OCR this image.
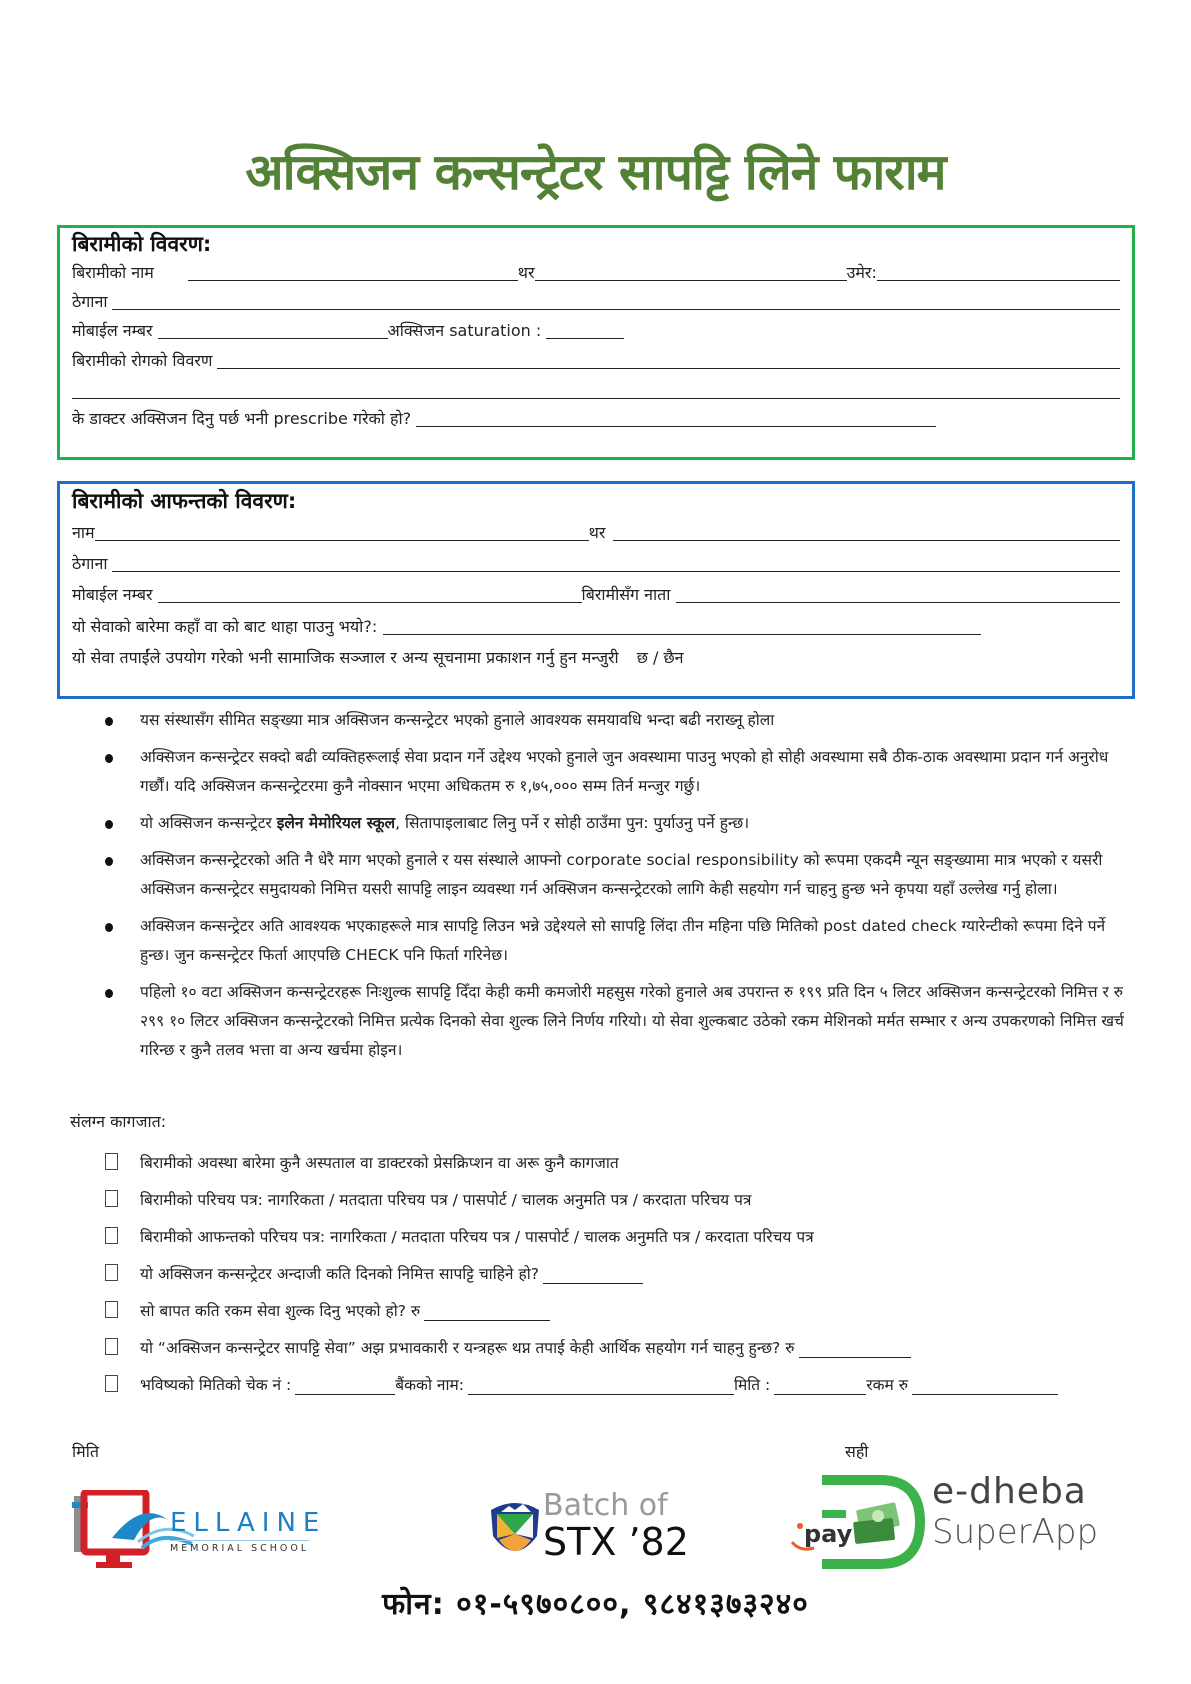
अक्सिजन कन्सन्ट्रेटर सापट्टि लिने फाराम
बिरामीको विवरण:
बिरामीको नाम	थर	उमेर:
ठेगाना
मोबाईल नम्बर	अक्सिजन saturation :
बिरामीको रोगको विवरण
के डाक्टर अक्सिजन दिनु पर्छ भनी prescribe गरेको हो?
बिरामीको आफन्तको विवरण:
नाम	थर
ठेगाना
मोबाईल नम्बर	बिरामीसँग नाता
यो सेवाको बारेमा कहाँ वा को बाट थाहा पाउनु भयो?:
यो सेवा तपाईंले उपयोग गरेको भनी सामाजिक सञ्जाल र अन्य सूचनामा प्रकाशन गर्नु हुन मन्जुरी छ / छैन
यस संस्थासँग सीमित सङ्ख्या मात्र अक्सिजन कन्सन्ट्रेटर भएको हुनाले आवश्यक समयावधि भन्दा बढी नराख्नू होला
अक्सिजन कन्सन्ट्रेटर सक्दो बढी व्यक्तिहरूलाई सेवा प्रदान गर्ने उद्देश्य भएको हुनाले जुन अवस्थामा पाउनु भएको हो सोही अवस्थामा सबै ठीक-ठाक अवस्थामा प्रदान गर्न अनुरोध गर्छौं। यदि अक्सिजन कन्सन्ट्रेटरमा कुनै नोक्सान भएमा अधिकतम रु १,७५,००० सम्म तिर्न मन्जुर गर्छु।
यो अक्सिजन कन्सन्ट्रेटर इलेन मेमोरियल स्कूल, सितापाइलाबाट लिनु पर्ने र सोही ठाउँमा पुन: पुर्याउनु पर्ने हुन्छ।
अक्सिजन कन्सन्ट्रेटरको अति नै धेरै माग भएको हुनाले र यस संस्थाले आफ्नो corporate social responsibility को रूपमा एकदमै न्यून सङ्ख्यामा मात्र भएको र यसरी अक्सिजन कन्सन्ट्रेटर समुदायको निमित्त यसरी सापट्टि लाइन व्यवस्था गर्न अक्सिजन कन्सन्ट्रेटरको लागि केही सहयोग गर्न चाहनु हुन्छ भने कृपया यहाँ उल्लेख गर्नु होला।
अक्सिजन कन्सन्ट्रेटर अति आवश्यक भएकाहरूले मात्र सापट्टि लिउन भन्ने उद्देश्यले सो सापट्टि लिंदा तीन महिना पछि मितिको post dated check ग्यारेन्टीको रूपमा दिने पर्ने हुन्छ। जुन कन्सन्ट्रेटर फिर्ता आएपछि CHECK पनि फिर्ता गरिनेछ।
पहिलो १० वटा अक्सिजन कन्सन्ट्रेटरहरू निःशुल्क सापट्टि दिँदा केही कमी कमजोरी महसुस गरेको हुनाले अब उपरान्त रु १९९ प्रति दिन ५ लिटर अक्सिजन कन्सन्ट्रेटरको निमित्त र रु २९९ १० लिटर अक्सिजन कन्सन्ट्रेटरको निमित्त प्रत्येक दिनको सेवा शुल्क लिने निर्णय गरियो। यो सेवा शुल्कबाट उठेको रकम मेशिनको मर्मत सम्भार र अन्य उपकरणको निमित्त खर्च गरिन्छ र कुनै तलव भत्ता वा अन्य खर्चमा होइन।
संलग्न कागजात:
बिरामीको अवस्था बारेमा कुनै अस्पताल वा डाक्टरको प्रेसक्रिप्शन वा अरू कुनै कागजात
बिरामीको परिचय पत्र: नागरिकता / मतदाता परिचय पत्र / पासपोर्ट / चालक अनुमति पत्र / करदाता परिचय पत्र
बिरामीको आफन्तको परिचय पत्र: नागरिकता / मतदाता परिचय पत्र / पासपोर्ट / चालक अनुमति पत्र / करदाता परिचय पत्र
यो अक्सिजन कन्सन्ट्रेटर अन्दाजी कति दिनको निमित्त सापट्टि चाहिने हो?
सो बापत कति रकम सेवा शुल्क दिनु भएको हो? रु
यो “अक्सिजन कन्सन्ट्रेटर सापट्टि सेवा” अझ प्रभावकारी र यन्त्रहरू थप्न तपाई केही आर्थिक सहयोग गर्न चाहनु हुन्छ? रु
भविष्यको मितिको चेक नं :	बैंकको नाम:	मिति :	रकम रु
मिति	सही
ELLAINE
MEMORIAL SCHOOL
Batch of
STX ’82	pay
e-dheba
SuperApp
फोन: ०१-५९७०८००, ९८४१३७३२४०
